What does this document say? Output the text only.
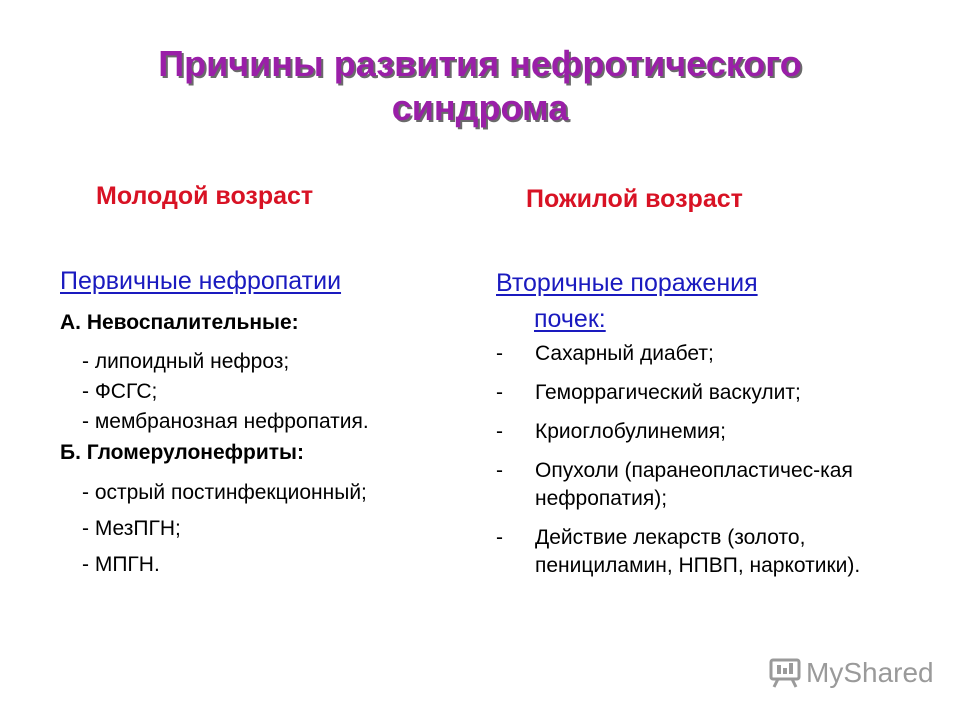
Причины развития нефротического
синдрома
Молодой возраст
Первичные нефропатии
А. Невоспалительные:
- липоидный нефроз;
- ФСГС;
- мембранозная нефропатия.
Б. Гломерулонефриты:
- острый постинфекционный;
- МезПГН;
- МПГН.
Пожилой возраст
Вторичные поражения
почек:
-	Сахарный диабет;
-	Геморрагический васкулит;
-	Криоглобулинемия;
-	Опухоли (паранеопластичес-кая нефропатия);
-	Действие лекарств (золото, пенициламин, НПВП, наркотики).
MyShared
